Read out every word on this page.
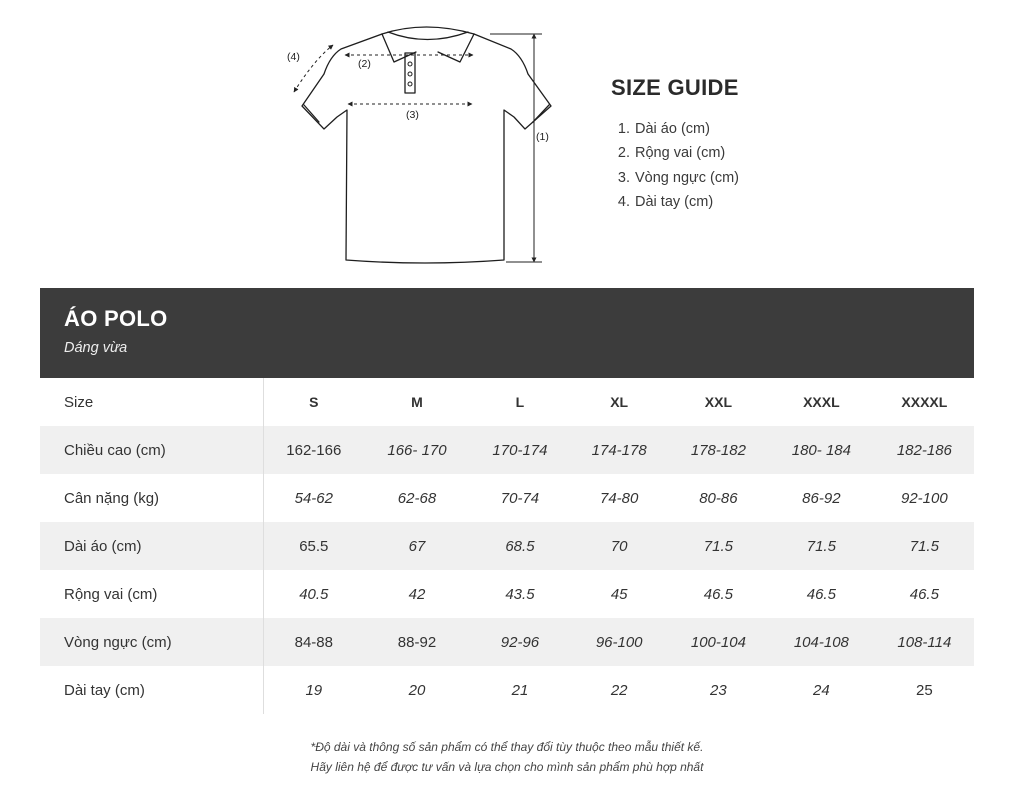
(1)
(2)
(3)
(4)
SIZE GUIDE
1. Dài áo (cm)
2. Rộng vai (cm)
3. Vòng ngực (cm)
4. Dài tay (cm)
ÁO POLO
Dáng vừa
Size	S	M	L	XL	XXL	XXXL	XXXXL
Chiều cao (cm)	162-166	166- 170	170-174	174-178	178-182	180- 184	182-186
Cân nặng (kg)	54-62	62-68	70-74	74-80	80-86	86-92	92-100
Dài áo (cm)	65.5	67	68.5	70	71.5	71.5	71.5
Rộng vai (cm)	40.5	42	43.5	45	46.5	46.5	46.5
Vòng ngực (cm)	84-88	88-92	92-96	96-100	100-104	104-108	108-114
Dài tay (cm)	19	20	21	22	23	24	25
*Độ dài và thông số sản phẩm có thể thay đổi tùy thuộc theo mẫu thiết kế.
Hãy liên hệ để được tư vấn và lựa chọn cho mình sản phẩm phù hợp nhất
